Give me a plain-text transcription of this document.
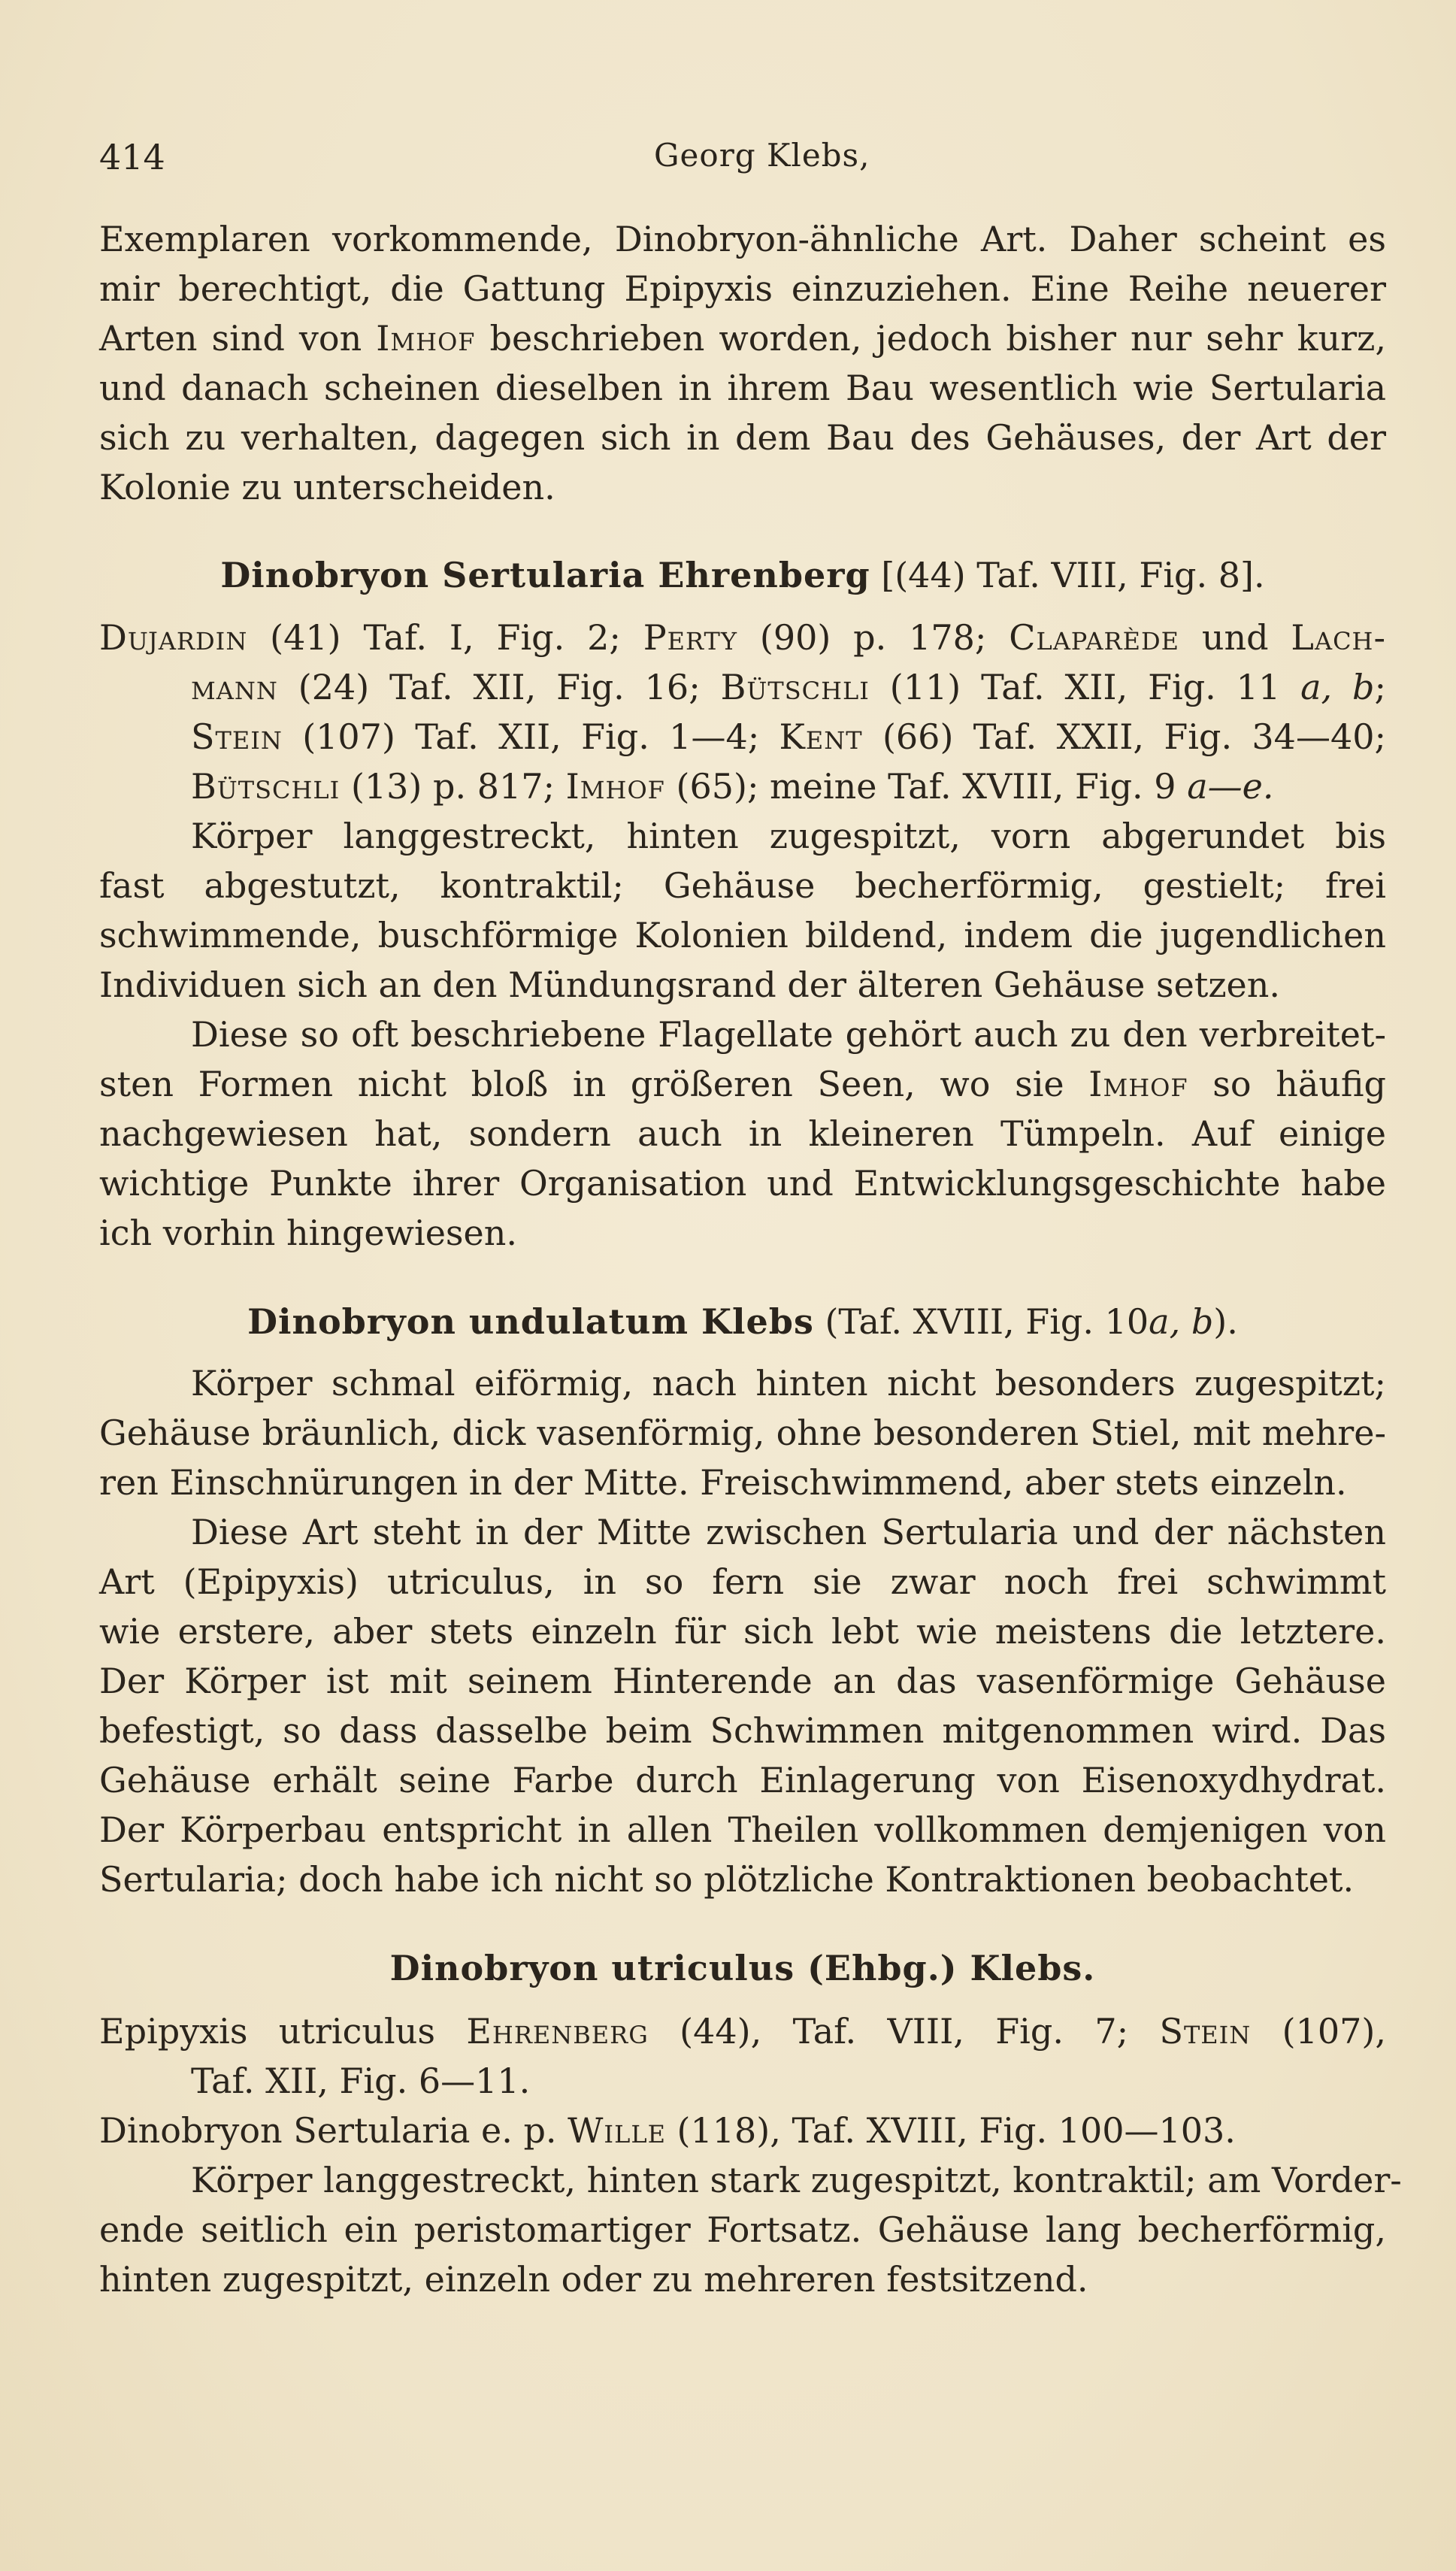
414	Georg Klebs,
Exemplaren vorkommende, Dinobryon-ähnliche Art. Daher scheint es
mir berechtigt, die Gattung Epipyxis einzuziehen. Eine Reihe neuerer
Arten sind von Imhof beschrieben worden, jedoch bisher nur sehr kurz,
und danach scheinen dieselben in ihrem Bau wesentlich wie Sertularia
sich zu verhalten, dagegen sich in dem Bau des Gehäuses, der Art der
Kolonie zu unterscheiden.
Dinobryon Sertularia Ehrenberg [(44) Taf. VIII, Fig. 8].
Dujardin (41) Taf. I, Fig. 2; Perty (90) p. 178; Claparède und Lach-
mann (24) Taf. XII, Fig. 16; Bütschli (11) Taf. XII, Fig. 11 a, b;
Stein (107) Taf. XII, Fig. 1—4; Kent (66) Taf. XXII, Fig. 34—40;
Bütschli (13) p. 817; Imhof (65); meine Taf. XVIII, Fig. 9 a—e.
Körper langgestreckt, hinten zugespitzt, vorn abgerundet bis
fast abgestutzt, kontraktil; Gehäuse becherförmig, gestielt; frei
schwimmende, buschförmige Kolonien bildend, indem die jugendlichen
Individuen sich an den Mündungsrand der älteren Gehäuse setzen.
Diese so oft beschriebene Flagellate gehört auch zu den verbreitet-
sten Formen nicht bloß in größeren Seen, wo sie Imhof so häufig
nachgewiesen hat, sondern auch in kleineren Tümpeln. Auf einige
wichtige Punkte ihrer Organisation und Entwicklungsgeschichte habe
ich vorhin hingewiesen.
Dinobryon undulatum Klebs (Taf. XVIII, Fig. 10a, b).
Körper schmal eiförmig, nach hinten nicht besonders zugespitzt;
Gehäuse bräunlich, dick vasenförmig, ohne besonderen Stiel, mit mehre-
ren Einschnürungen in der Mitte. Freischwimmend, aber stets einzeln.
Diese Art steht in der Mitte zwischen Sertularia und der nächsten
Art (Epipyxis) utriculus, in so fern sie zwar noch frei schwimmt
wie erstere, aber stets einzeln für sich lebt wie meistens die letztere.
Der Körper ist mit seinem Hinterende an das vasenförmige Gehäuse
befestigt, so dass dasselbe beim Schwimmen mitgenommen wird. Das
Gehäuse erhält seine Farbe durch Einlagerung von Eisenoxydhydrat.
Der Körperbau entspricht in allen Theilen vollkommen demjenigen von
Sertularia; doch habe ich nicht so plötzliche Kontraktionen beobachtet.
Dinobryon utriculus (Ehbg.) Klebs.
Epipyxis utriculus Ehrenberg (44), Taf. VIII, Fig. 7; Stein (107),
Taf. XII, Fig. 6—11.
Dinobryon Sertularia e. p. Wille (118), Taf. XVIII, Fig. 100—103.
Körper langgestreckt, hinten stark zugespitzt, kontraktil; am Vorder-
ende seitlich ein peristomartiger Fortsatz. Gehäuse lang becherförmig,
hinten zugespitzt, einzeln oder zu mehreren festsitzend.
